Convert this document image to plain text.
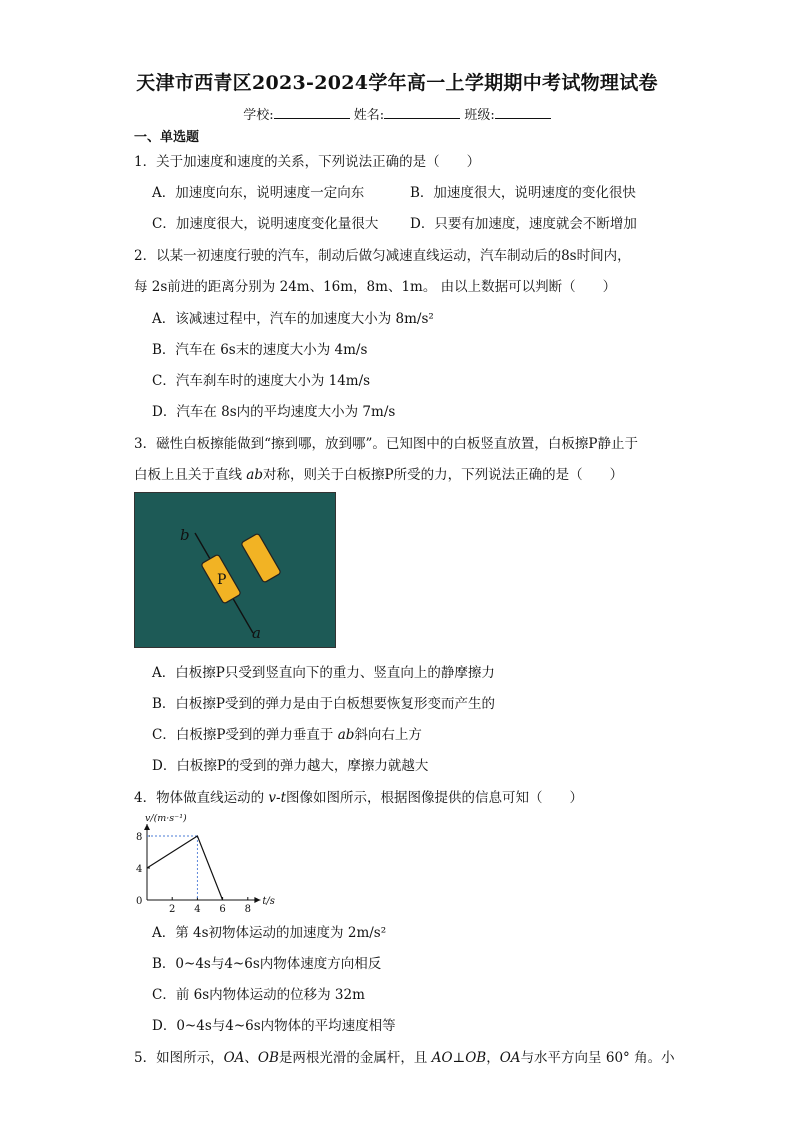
天津市西青区2023-2024学年高一上学期期中考试物理试卷
学校:	姓名:	班级:
一、单选题
1．关于加速度和速度的关系，下列说法正确的是（　　）
A．加速度向东，说明速度一定向东	B．加速度很大，说明速度的变化很快
C．加速度很大，说明速度变化量很大 D．只要有加速度，速度就会不断增加
2．以某一初速度行驶的汽车，制动后做匀减速直线运动，汽车制动后的8s时间内，
每 2s前进的距离分别为 24m、16m，8m、1m。 由以上数据可以判断（　　）
A．该减速过程中，汽车的加速度大小为 8m/s²
B．汽车在 6s末的速度大小为 4m/s
C．汽车刹车时的速度大小为 14m/s
D．汽车在 8s内的平均速度大小为 7m/s
3．磁性白板擦能做到“擦到哪，放到哪”。已知图中的白板竖直放置，白板擦P静止于
白板上且关于直线 ab对称，则关于白板擦P所受的力，下列说法正确的是（　　）
P
b
a
A．白板擦P只受到竖直向下的重力、竖直向上的静摩擦力
B．白板擦P受到的弹力是由于白板想要恢复形变而产生的
C．白板擦P受到的弹力垂直于 ab斜向右上方
D．白板擦P的受到的弹力越大，摩擦力就越大
4．物体做直线运动的 v-t图像如图所示，根据图像提供的信息可知（　　）
0
2 4 6 8
4
8
t/s
v/(m·s⁻¹)
A．第 4s初物体运动的加速度为 2m/s²
B．0~4s与4~6s内物体速度方向相反
C．前 6s内物体运动的位移为 32m
D．0~4s与4~6s内物体的平均速度相等
5．如图所示，OA、OB是两根光滑的金属杆，且 AO⊥OB，OA与水平方向呈 60° 角。小
